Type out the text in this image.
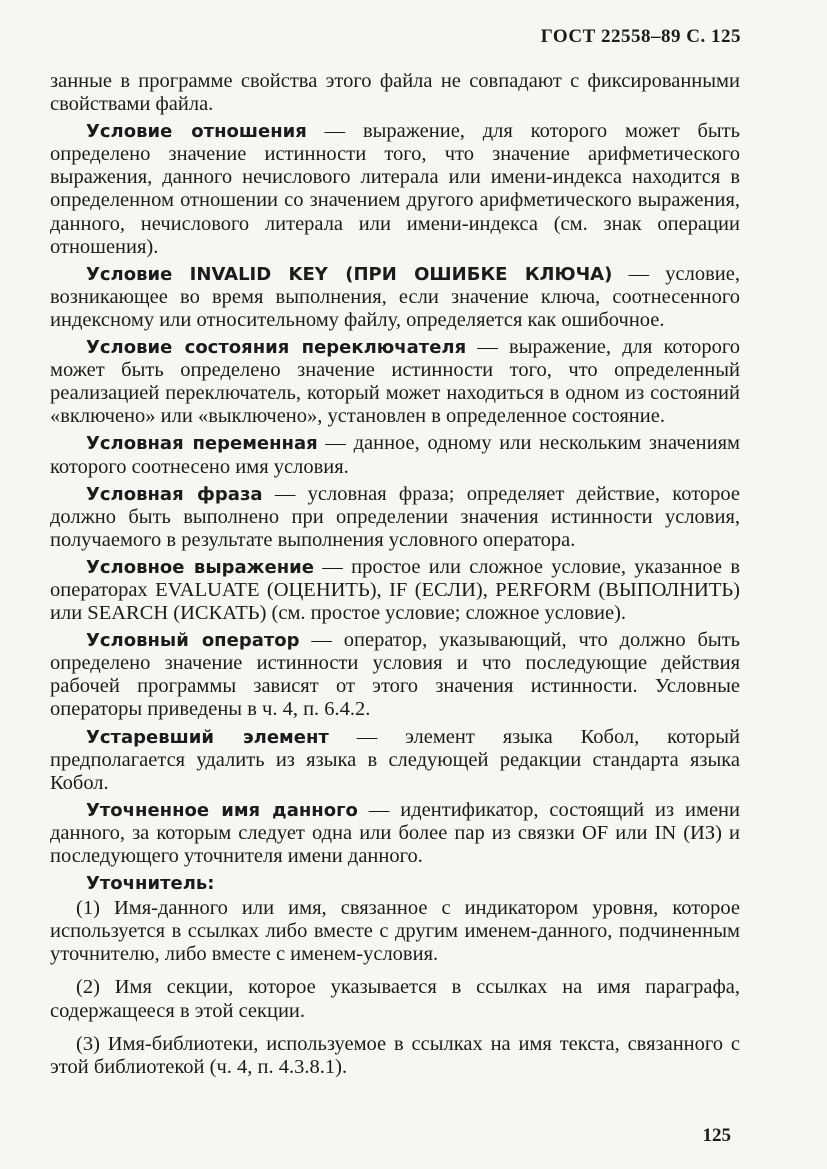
ГОСТ 22558–89 С. 125

занные в программе свойства этого файла не совпадают с фиксированными свойствами файла.

Условие отношения — выражение, для которого может быть определено значение истинности того, что значение арифметического выражения, данного нечислового литерала или имени-индекса находится в определенном отношении со значением другого арифметического выражения, данного, нечислового литерала или имени-индекса (см. знак операции отношения).

Условие INVALID KEY (ПРИ ОШИБКЕ КЛЮЧА) — условие, возникающее во время выполнения, если значение ключа, соотнесенного индексному или относительному файлу, определяется как ошибочное.

Условие состояния переключателя — выражение, для которого может быть определено значение истинности того, что определенный реализацией переключатель, который может находиться в одном из состояний «включено» или «выключено», установлен в определенное состояние.

Условная переменная — данное, одному или нескольким значениям которого соотнесено имя условия.

Условная фраза — условная фраза; определяет действие, которое должно быть выполнено при определении значения истинности условия, получаемого в результате выполнения условного оператора.

Условное выражение — простое или сложное условие, указанное в операторах EVALUATE (ОЦЕНИТЬ), IF (ЕСЛИ), PERFORM (ВЫПОЛНИТЬ) или SEARCH (ИСКАТЬ) (см. простое условие; сложное условие).

Условный оператор — оператор, указывающий, что должно быть определено значение истинности условия и что последующие действия рабочей программы зависят от этого значения истинности. Условные операторы приведены в ч. 4, п. 6.4.2.

Устаревший элемент — элемент языка Кобол, который предполагается удалить из языка в следующей редакции стандарта языка Кобол.

Уточненное имя данного — идентификатор, состоящий из имени данного, за которым следует одна или более пар из связки OF или IN (ИЗ) и последующего уточнителя имени данного.

Уточнитель:

(1) Имя-данного или имя, связанное с индикатором уровня, которое используется в ссылках либо вместе с другим именем-данного, подчиненным уточнителю, либо вместе с именем-условия.

(2) Имя секции, которое указывается в ссылках на имя параграфа, содержащееся в этой секции.

(3) Имя-библиотеки, используемое в ссылках на имя текста, связанного с этой библиотекой (ч. 4, п. 4.3.8.1).

125
